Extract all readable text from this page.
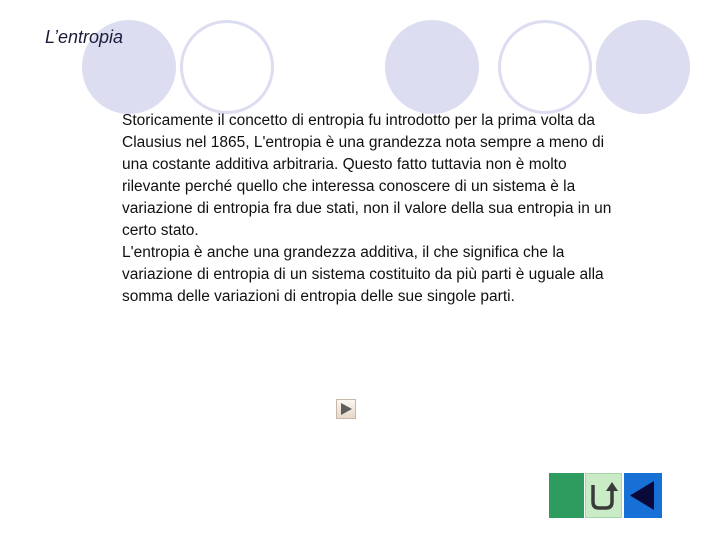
L’entropia

Storicamente il concetto di entropia fu introdotto per la prima volta da Clausius nel 1865, L'entropia è una grandezza nota sempre a meno di una costante additiva arbitraria. Questo fatto tuttavia non è molto rilevante perché quello che interessa conoscere di un sistema è la variazione di entropia fra due stati, non il valore della sua entropia in un certo stato.

L'entropia è anche una grandezza additiva, il che significa che la variazione di entropia di un sistema costituito da più parti è uguale alla somma delle variazioni di entropia delle sue singole parti.
